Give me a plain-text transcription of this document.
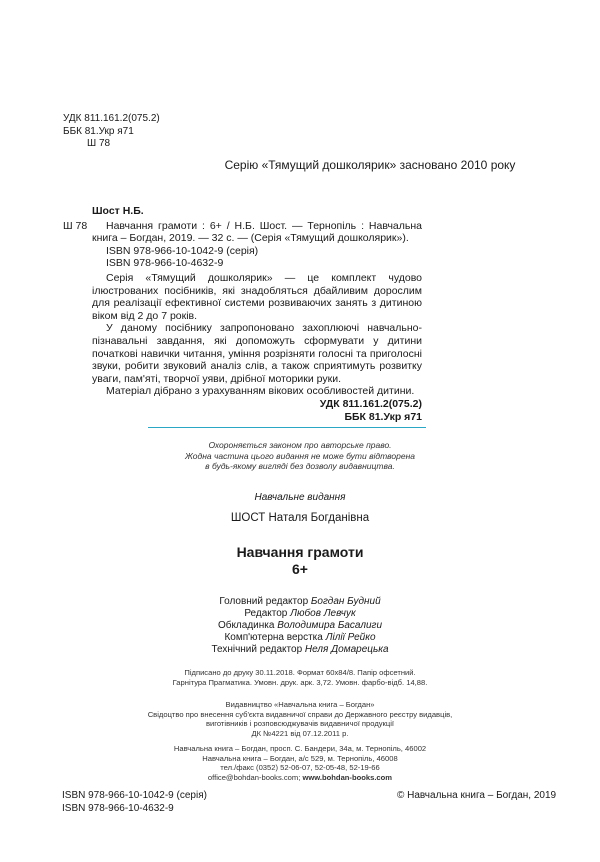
УДК 811.161.2(075.2)
ББК 81.Укр я71
Ш 78
Серію «Тямущий дошколярик» засновано 2010 року
Ш 78

Шост Н.Б.

Навчання грамоти : 6+ / Н.Б. Шост. — Тернопіль : Навчальна книга – Богдан, 2019. — 32 с. — (Серія «Тямущий дошколярик»).

ISBN 978-966-10-1042-9 (серія)

ISBN 978-966-10-4632-9

Серія «Тямущий дошколярик» — це комплект чудово ілюстрованих посібників, які знадобляться дбайливим дорослим для реалізації ефективної системи розвиваючих занять з дитиною віком від 2 до 7 років.

У даному посібнику запропоновано захоплюючі навчально-пізнавальні завдання, які допоможуть сформувати у дитини початкові навички читання, уміння розрізняти голосні та приголосні звуки, робити звуковий аналіз слів, а також сприятимуть розвитку уваги, пам'яті, творчої уяви, дрібної моторики руки.

Матеріал дібрано з урахуванням вікових особливостей дитини.

УДК 811.161.2(075.2)

ББК 81.Укр я71

Охороняється законом про авторське право.
Жодна частина цього видання не може бути відтворена
в будь-якому вигляді без дозволу видавництва.
Навчальне видання
ШОСТ Наталя Богданівна
Навчання грамоти
6+
Головний редактор Богдан Будний
Редактор Любов Левчук
Обкладинка Володимира Басалиги
Комп'ютерна верстка Лілії Рейко
Технічний редактор Неля Домарецька
Підписано до друку 30.11.2018. Формат 60х84/8. Папір офсетний.
Гарнітура Прагматика. Умовн. друк. арк. 3,72. Умовн. фарбо-відб. 14,88.
Видавництво «Навчальна книга – Богдан»
Свідоцтво про внесення суб'єкта видавничої справи до Державного реєстру видавців,
виготівників і розповсюджувачів видавничої продукції
ДК №4221 від 07.12.2011 р.
Навчальна книга – Богдан, просп. С. Бандери, 34а, м. Тернопіль, 46002
Навчальна книга – Богдан, а/с 529, м. Тернопіль, 46008
тел./факс (0352) 52-06-07, 52-05-48, 52-19-66
office@bohdan-books.com; www.bohdan-books.com
ISBN 978-966-10-1042-9 (серія)
ISBN 978-966-10-4632-9
© Навчальна книга – Богдан, 2019
